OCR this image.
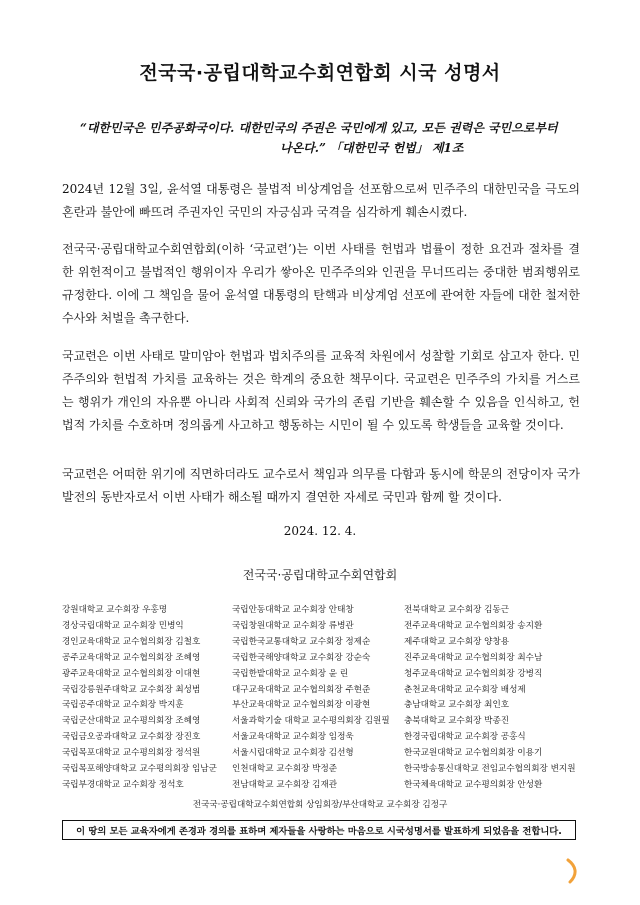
전국국·공립대학교수회연합회 시국 성명서
“대한민국은 민주공화국이다. 대한민국의 주권은 국민에게 있고, 모든 권력은 국민으로부터
나온다.” 「대한민국 헌법」 제1조

2024년 12월 3일, 윤석열 대통령은 불법적 비상계엄을 선포함으로써 민주주의 대한민국을 극도의 혼란과 불안에 빠뜨려 주권자인 국민의 자긍심과 국격을 심각하게 훼손시켰다.

전국국·공립대학교수회연합회(이하 ‘국교련’)는 이번 사태를 헌법과 법률이 정한 요건과 절차를 결한 위헌적이고 불법적인 행위이자 우리가 쌓아온 민주주의와 인권을 무너뜨리는 중대한 범죄행위로 규정한다. 이에 그 책임을 물어 윤석열 대통령의 탄핵과 비상계엄 선포에 관여한 자들에 대한 철저한 수사와 처벌을 촉구한다.

국교련은 이번 사태로 말미암아 헌법과 법치주의를 교육적 차원에서 성찰할 기회로 삼고자 한다. 민주주의와 헌법적 가치를 교육하는 것은 학계의 중요한 책무이다. 국교련은 민주주의 가치를 거스르는 행위가 개인의 자유뿐 아니라 사회적 신뢰와 국가의 존립 기반을 훼손할 수 있음을 인식하고, 헌법적 가치를 수호하며 정의롭게 사고하고 행동하는 시민이 될 수 있도록 학생들을 교육할 것이다.

국교련은 어떠한 위기에 직면하더라도 교수로서 책임과 의무를 다함과 동시에 학문의 전당이자 국가 발전의 동반자로서 이번 사태가 해소될 때까지 결연한 자세로 국민과 함께 할 것이다.

2024. 12. 4.
전국국·공립대학교수회연합회
강원대학교 교수회장 우홍명	국립안동대학교 교수회장 안태창	전북대학교 교수회장 김동근
경상국립대학교 교수회장 민병익	국립창원대학교 교수회장 류병관	전주교육대학교 교수협의회장 송지환
경인교육대학교 교수협의회장 김철호	국립한국교통대학교 교수회장 정제순	제주대학교 교수회장 양창용
공주교육대학교 교수협의회장 조혜영	국립한국해양대학교 교수회장 강순숙	진주교육대학교 교수협의회장 최수남
광주교육대학교 교수협의회장 이대현	국립한밭대학교 교수회장 윤 린	청주교육대학교 교수협의회장 강병직
국립강릉원주대학교 교수회장 최성범	대구교육대학교 교수협의회장 주현준	춘천교육대학교 교수회장 배성제
국립공주대학교 교수회장 박지훈	부산교육대학교 교수협의회장 이광현	충남대학교 교수회장 최인호
국립군산대학교 교수평의회장 조혜영	서울과학기술 대학교 교수평의회장 김원필	충북대학교 교수회장 박종진
국립금오공과대학교 교수회장 장진호	서울교육대학교 교수회장 임정욱	한경국립대학교 교수회장 공홍식
국립목포대학교 교수평의회장 정석원	서울시립대학교 교수회장 김선형	한국교원대학교 교수협의회장 이용기
국립목포해양대학교 교수평의회장 임남군	인천대학교 교수회장 박정준	한국방송통신대학교 전임교수협의회장 변지원
국립부경대학교 교수회장 정석호	전남대학교 교수회장 김재관	한국체육대학교 교수평의회장 안성환
전국국·공립대학교수회연합회 상임회장/부산대학교 교수회장 김정구
이 땅의 모든 교육자에게 존경과 경의를 표하며 제자들을 사랑하는 마음으로 시국성명서를 발표하게 되었음을 전합니다.
